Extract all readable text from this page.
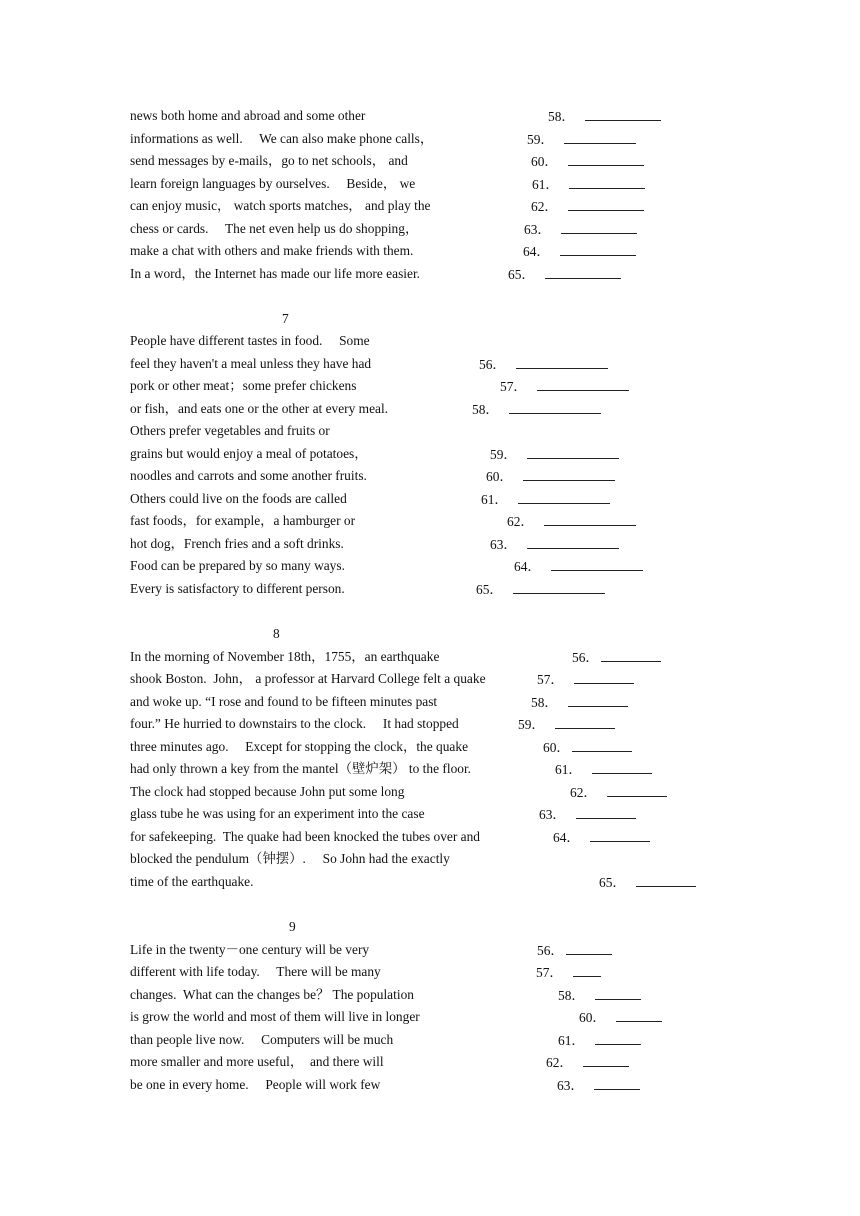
news both home and abroad and some other	58．
informations as well.　 We can also make phone calls，	59．
send messages by e-mails，go to net schools， and	60．
learn foreign languages by ourselves.　 Beside， we	61．
can enjoy music， watch sports matches， and play the	62．
chess or cards.　 The net even help us do shopping，	63．
make a chat with others and make friends with them.	64．
In a word，the Internet has made our life more easier.	65．
7
People have different tastes in food.　 Some
feel they haven't a meal unless they have had	56．
pork or other meat；some prefer chickens	57．
or fish，and eats one or the other at every meal.	58．
Others prefer vegetables and fruits or
grains but would enjoy a meal of potatoes，	59．
noodles and carrots and some another fruits.	60．
Others could live on the foods are called	61．
fast foods，for example，a hamburger or	62．
hot dog，French fries and a soft drinks.	63．
Food can be prepared by so many ways.	64．
Every is satisfactory to different person.	65．
8
In the morning of November 18th，1755，an earthquake	56．
shook Boston.  John， a professor at Harvard College felt a quake	57．
and woke up. “I rose and found to be fifteen minutes past	58．
four.” He hurried to downstairs to the clock.　 It had stopped	59．
three minutes ago.　 Except for stopping the clock，the quake	60．
had only thrown a key from the mantel（壁炉架） to the floor.	61．
The clock had stopped because John put some long	62．
glass tube he was using for an experiment into the case	63．
for safekeeping.  The quake had been knocked the tubes over and	64．
blocked the pendulum（钟摆）.　 So John had the exactly
time of the earthquake.	65．
9
Life in the twenty－one century will be very	56．
different with life today.　 There will be many	57．
changes.  What can the changes be？ The population	58．
is grow the world and most of them will live in longer	60．
than people live now.　 Computers will be much	61．
more smaller and more useful，　and there will	62．
be one in every home.　 People will work few	63．
